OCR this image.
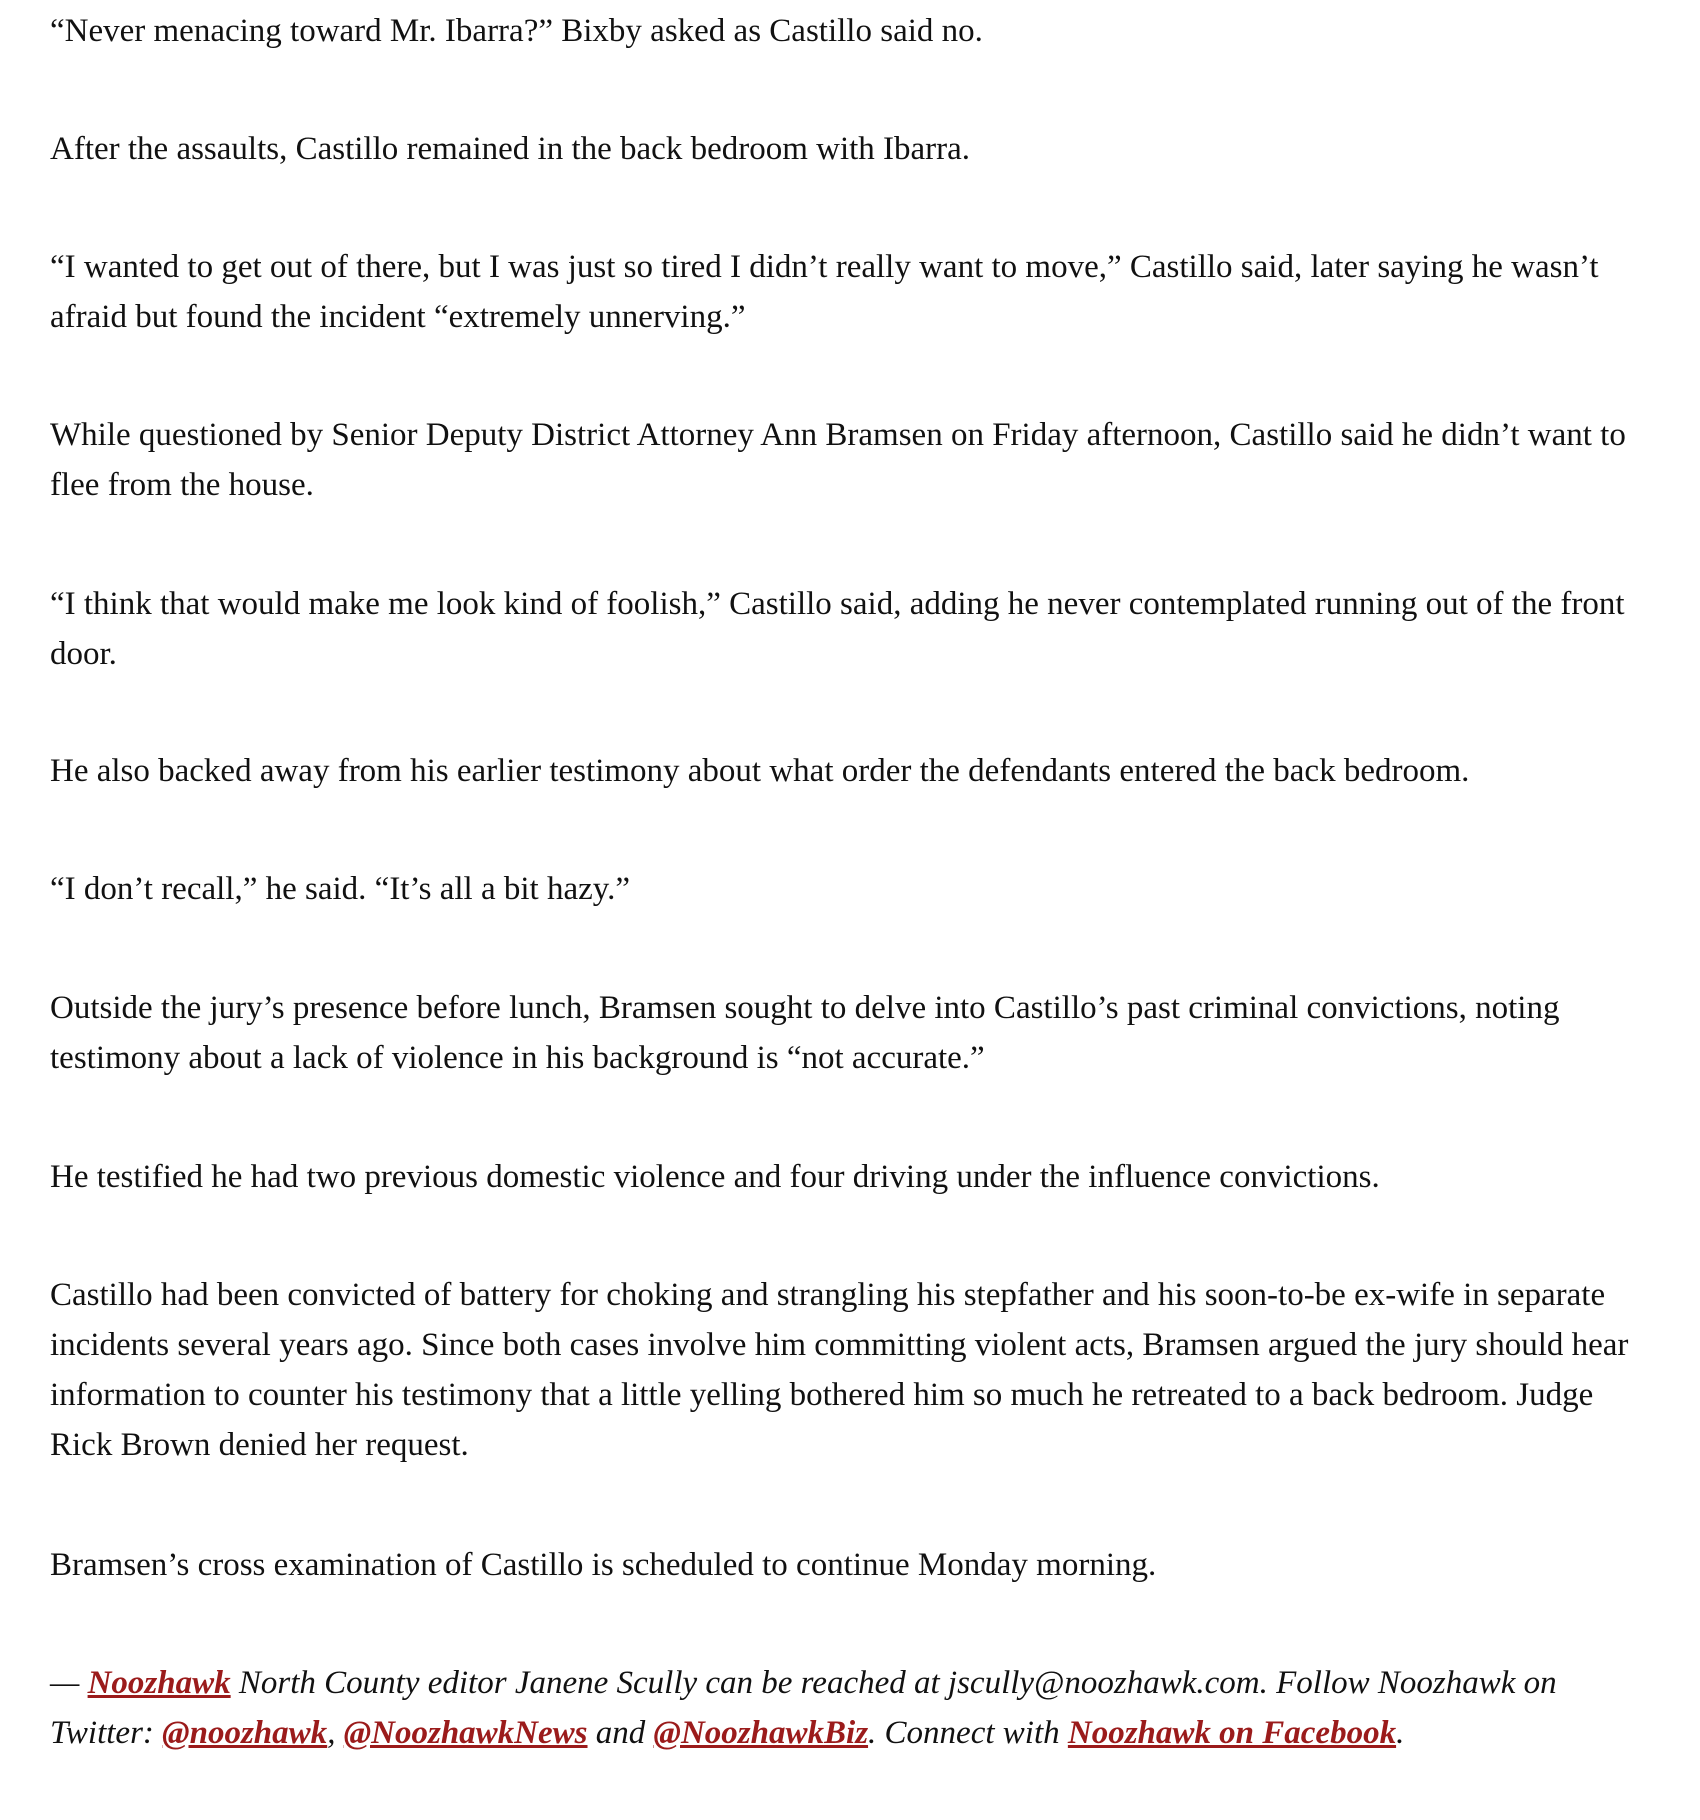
“Never menacing toward Mr. Ibarra?” Bixby asked as Castillo said no.

After the assaults, Castillo remained in the back bedroom with Ibarra.

“I wanted to get out of there, but I was just so tired I didn’t really want to move,” Castillo said, later saying he wasn’t afraid but found the incident “extremely unnerving.”

While questioned by Senior Deputy District Attorney Ann Bramsen on Friday afternoon, Castillo said he didn’t want to flee from the house.

“I think that would make me look kind of foolish,” Castillo said, adding he never contemplated running out of the front door.

He also backed away from his earlier testimony about what order the defendants entered the back bedroom.

“I don’t recall,” he said. “It’s all a bit hazy.”

Outside the jury’s presence before lunch, Bramsen sought to delve into Castillo’s past criminal convictions, noting testimony about a lack of violence in his background is “not accurate.”

He testified he had two previous domestic violence and four driving under the influence convictions.

Castillo had been convicted of battery for choking and strangling his stepfather and his soon-to-be ex-wife in separate incidents several years ago. Since both cases involve him committing violent acts, Bramsen argued the jury should hear information to counter his testimony that a little yelling bothered him so much he retreated to a back bedroom. Judge Rick Brown denied her request.

Bramsen’s cross examination of Castillo is scheduled to continue Monday morning.

— Noozhawk North County editor Janene Scully can be reached at jscully@noozhawk.com. Follow Noozhawk on Twitter: @noozhawk, @NoozhawkNews and @NoozhawkBiz. Connect with Noozhawk on Facebook.
